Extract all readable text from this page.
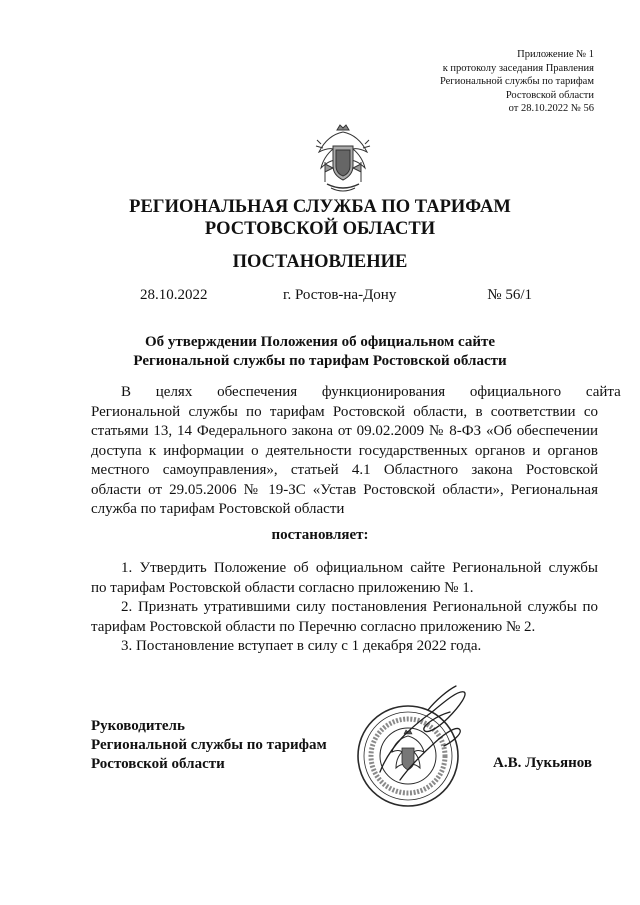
Приложение № 1
к протоколу заседания Правления
Региональной службы по тарифам
Ростовской области
от 28.10.2022 № 56
РЕГИОНАЛЬНАЯ СЛУЖБА ПО ТАРИФАМ
РОСТОВСКОЙ ОБЛАСТИ
ПОСТАНОВЛЕНИЕ
28.10.2022	г. Ростов-на-Дону	№ 56/1
Об утверждении Положения об официальном сайте
Региональной службы по тарифам Ростовской области
В целях обеспечения функционирования официального сайта
Региональной службы по тарифам Ростовской области, в соответствии со
статьями 13, 14 Федерального закона от 09.02.2009 № 8-ФЗ «Об обеспечении
доступа к информации о деятельности государственных органов и органов
местного самоуправления», статьей 4.1 Областного закона Ростовской
области от 29.05.2006 № 19-ЗС «Устав Ростовской области», Региональная
служба по тарифам Ростовской области
постановляет:
1. Утвердить Положение об официальном сайте Региональной службы
по тарифам Ростовской области согласно приложению № 1.
2. Признать утратившими силу постановления Региональной службы по
тарифам Ростовской области по Перечню согласно приложению № 2.
3. Постановление вступает в силу с 1 декабря 2022 года.
Руководитель
Региональной службы по тарифам
Ростовской области	А.В. Лукьянов
